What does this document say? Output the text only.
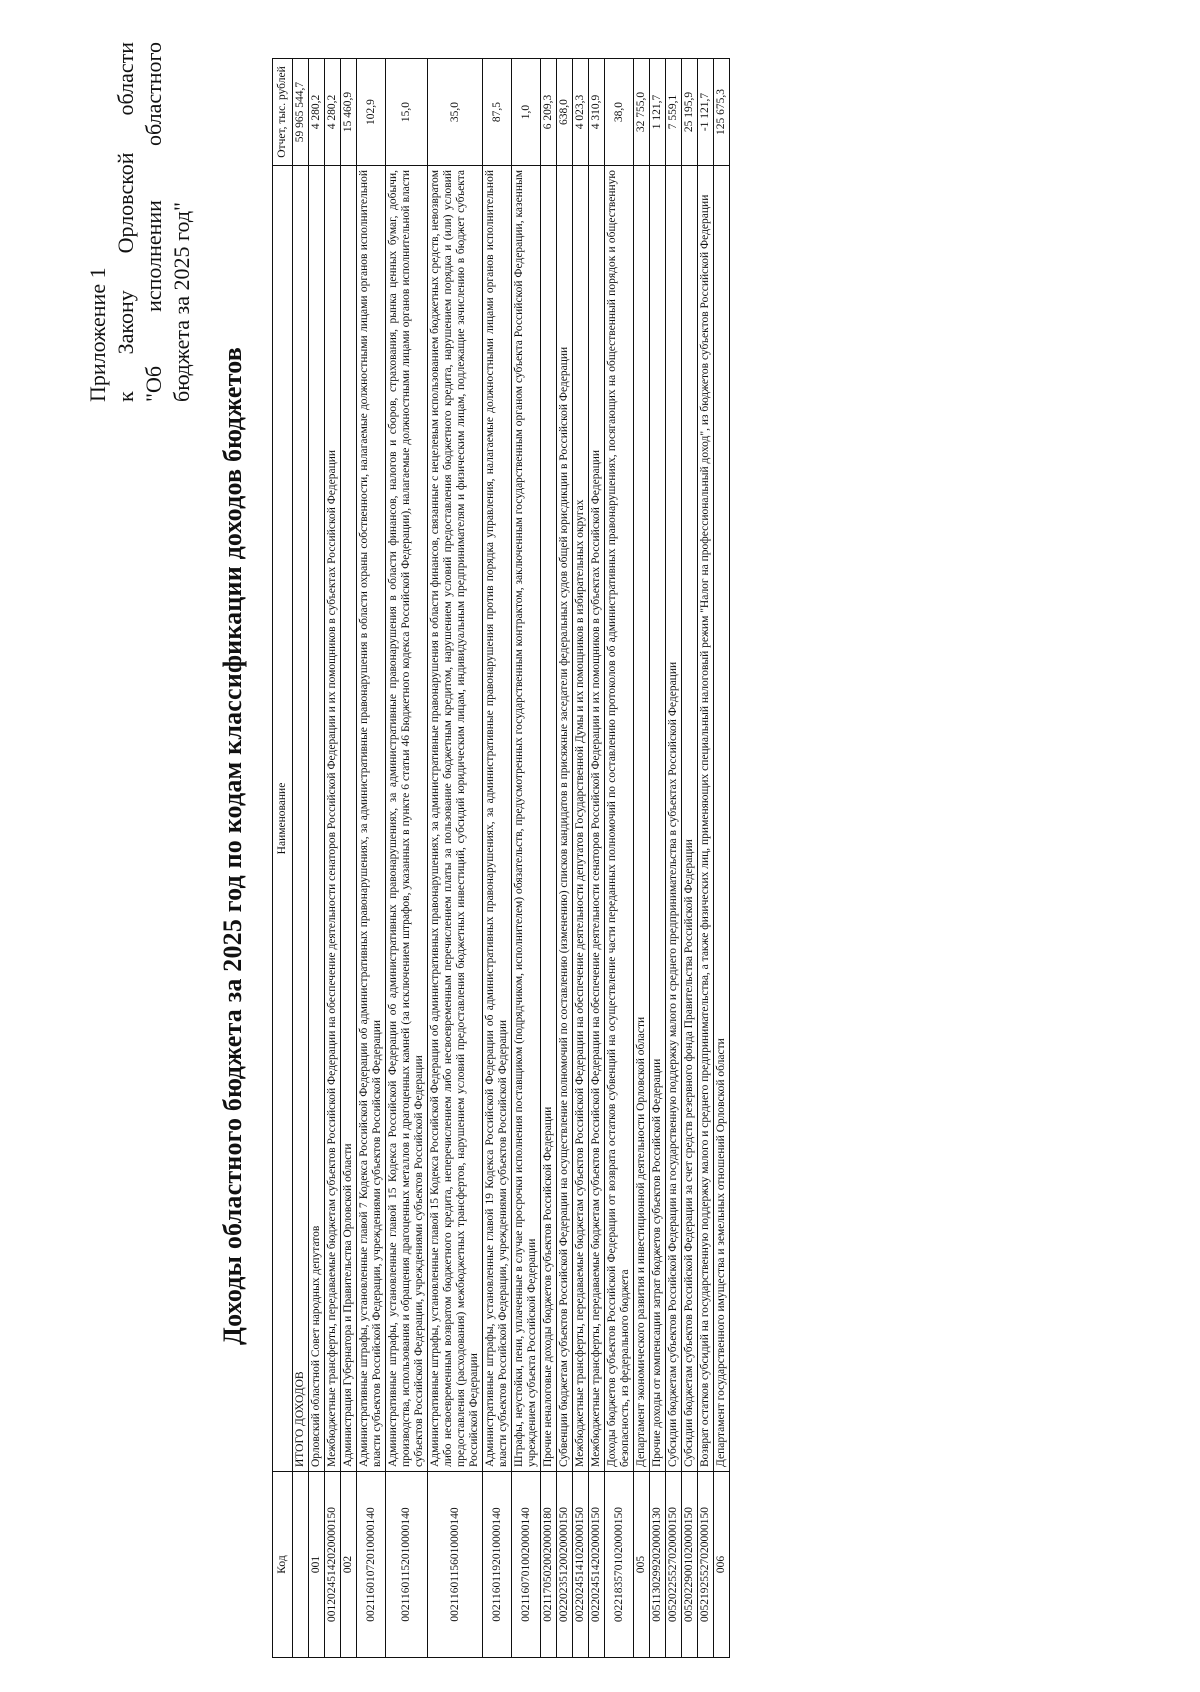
Приложение 1 к Закону Орловской области "Об исполнении областного бюджета за 2025 год"
Доходы областного бюджета за 2025 год по кодам классификации доходов бюджетов
Код	Наименование	Отчет, тыс. рублей
	ИТОГО ДОХОДОВ	59 965 544,7
001	Орловский областной Совет народных депутатов	4 280,2
00120245142020000150	Межбюджетные трансферты, передаваемые бюджетам субъектов Российской Федерации на обеспечение деятельности сенаторов Российской Федерации и их помощников в субъектах Российской Федерации	4 280,2
002	Администрация Губернатора и Правительства Орловской области	15 460,9
00211601072010000140	Административные штрафы, установленные главой 7 Кодекса Российской Федерации об административных правонарушениях, за административные правонарушения в области охраны собственности, налагаемые должностными лицами органов исполнительной власти субъектов Российской Федерации, учреждениями субъектов Российской Федерации	102,9
00211601152010000140	Административные штрафы, установленные главой 15 Кодекса Российской Федерации об административных правонарушениях, за административные правонарушения в области финансов, налогов и сборов, страхования, рынка ценных бумаг, добычи, производства, использования и обращения драгоценных металлов и драгоценных камней (за исключением штрафов, указанных в пункте 6 статьи 46 Бюджетного кодекса Российской Федерации), налагаемые должностными лицами органов исполнительной власти субъектов Российской Федерации, учреждениями субъектов Российской Федерации	15,0
00211601156010000140	Административные штрафы, установленные главой 15 Кодекса Российской Федерации об административных правонарушениях, за административные правонарушения в области финансов, связанные с нецелевым использованием бюджетных средств, невозвратом либо несвоевременным возвратом бюджетного кредита, неперечислением либо несвоевременным перечислением платы за пользование бюджетным кредитом, нарушением условий предоставления бюджетного кредита, нарушением порядка и (или) условий предоставления (расходования) межбюджетных трансфертов, нарушением условий предоставления бюджетных инвестиций, субсидий юридическим лицам, индивидуальным предпринимателям и физическим лицам, подлежащие зачислению в бюджет субъекта Российской Федерации	35,0
00211601192010000140	Административные штрафы, установленные главой 19 Кодекса Российской Федерации об административных правонарушениях, за административные правонарушения против порядка управления, налагаемые должностными лицами органов исполнительной власти субъектов Российской Федерации, учреждениями субъектов Российской Федерации	87,5
00211607010020000140	Штрафы, неустойки, пени, уплаченные в случае просрочки исполнения поставщиком (подрядчиком, исполнителем) обязательств, предусмотренных государственным контрактом, заключенным государственным органом субъекта Российской Федерации, казенным учреждением субъекта Российской Федерации	1,0
00211705020020000180	Прочие неналоговые доходы бюджетов субъектов Российской Федерации	6 209,3
00220235120020000150	Субвенции бюджетам субъектов Российской Федерации на осуществление полномочий по составлению (изменению) списков кандидатов в присяжные заседатели федеральных судов общей юрисдикции в Российской Федерации	638,0
00220245141020000150	Межбюджетные трансферты, передаваемые бюджетам субъектов Российской Федерации на обеспечение деятельности депутатов Государственной Думы и их помощников в избирательных округах	4 023,3
00220245142020000150	Межбюджетные трансферты, передаваемые бюджетам субъектов Российской Федерации на обеспечение деятельности сенаторов Российской Федерации и их помощников в субъектах Российской Федерации	4 310,9
00221835701020000150	Доходы бюджетов субъектов Российской Федерации от возврата остатков субвенций на осуществление части переданных полномочий по составлению протоколов об административных правонарушениях, посягающих на общественный порядок и общественную безопасность, из федерального бюджета	38,0
005	Департамент экономического развития и инвестиционной деятельности Орловской области	32 755,0
00511302992020000130	Прочие доходы от компенсации затрат бюджетов субъектов Российской Федерации	1 121,7
00520225527020000150	Субсидии бюджетам субъектов Российской Федерации на государственную поддержку малого и среднего предпринимательства в субъектах Российской Федерации	7 559,1
00520229001020000150	Субсидии бюджетам субъектов Российской Федерации за счет средств резервного фонда Правительства Российской Федерации	25 195,9
00521925527020000150	Возврат остатков субсидий на государственную поддержку малого и среднего предпринимательства, а также физических лиц, применяющих специальный налоговый режим "Налог на профессиональный доход", из бюджетов субъектов Российской Федерации	-1 121,7
006	Департамент государственного имущества и земельных отношений Орловской области	125 675,3
